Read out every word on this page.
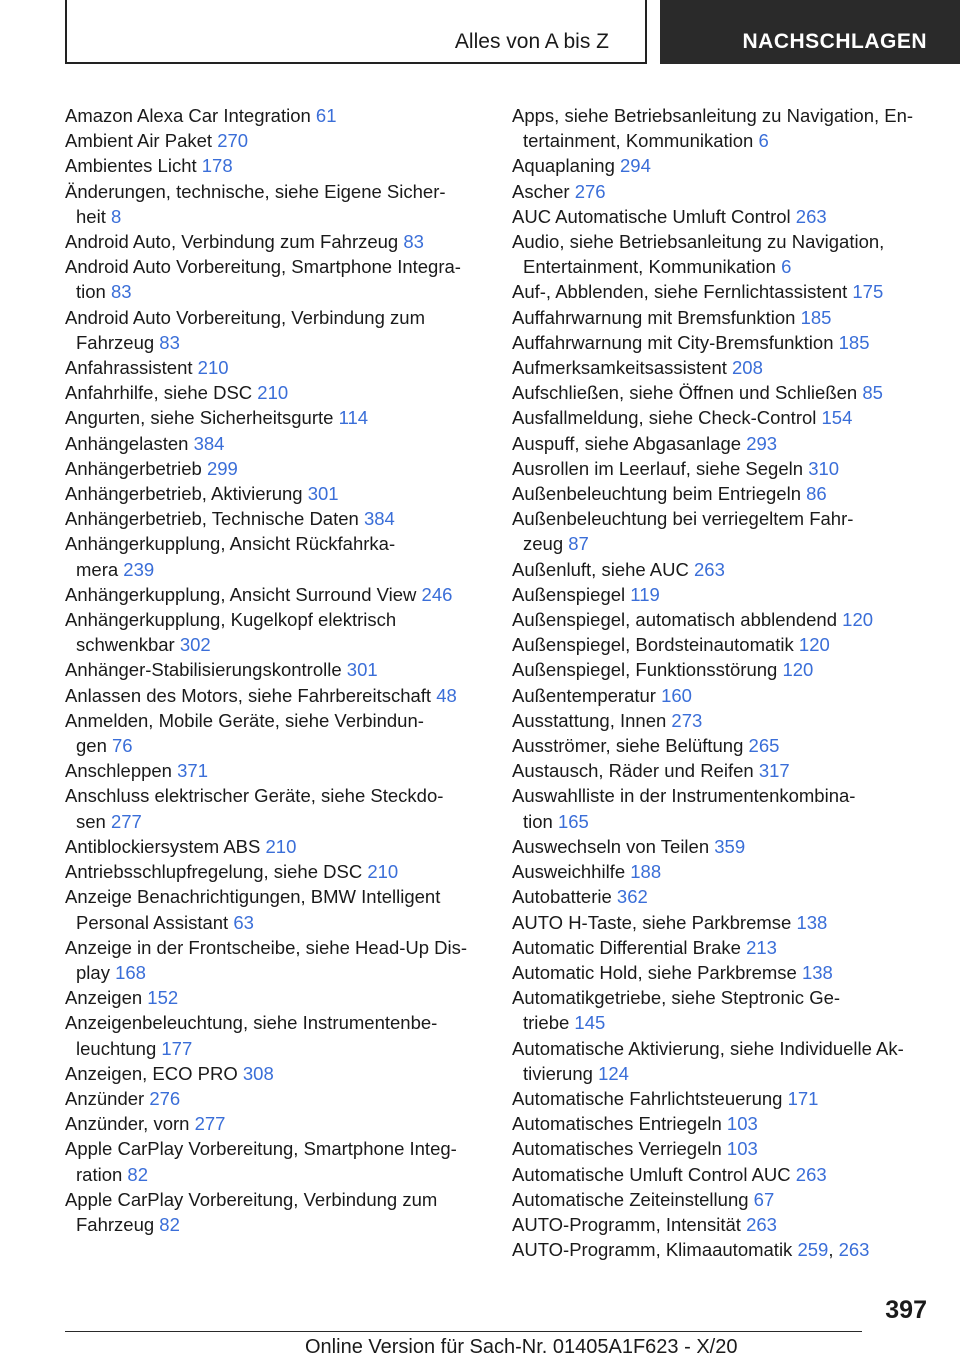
Alles von A bis Z	NACHSCHLAGEN
Amazon Alexa Car Integration 61
Ambient Air Paket 270
Ambientes Licht 178
Änderungen, technische, siehe Eigene Sicher-
heit 8
Android Auto, Verbindung zum Fahrzeug 83
Android Auto Vorbereitung, Smartphone Integra-
tion 83
Android Auto Vorbereitung, Verbindung zum
Fahrzeug 83
Anfahrassistent 210
Anfahrhilfe, siehe DSC 210
Angurten, siehe Sicherheitsgurte 114
Anhängelasten 384
Anhängerbetrieb 299
Anhängerbetrieb, Aktivierung 301
Anhängerbetrieb, Technische Daten 384
Anhängerkupplung, Ansicht Rückfahrka-
mera 239
Anhängerkupplung, Ansicht Surround View 246
Anhängerkupplung, Kugelkopf elektrisch
schwenkbar 302
Anhänger-Stabilisierungskontrolle 301
Anlassen des Motors, siehe Fahrbereitschaft 48
Anmelden, Mobile Geräte, siehe Verbindun-
gen 76
Anschleppen 371
Anschluss elektrischer Geräte, siehe Steckdo-
sen 277
Antiblockiersystem ABS 210
Antriebsschlupfregelung, siehe DSC 210
Anzeige Benachrichtigungen, BMW Intelligent
Personal Assistant 63
Anzeige in der Frontscheibe, siehe Head-Up Dis-
play 168
Anzeigen 152
Anzeigenbeleuchtung, siehe Instrumentenbe-
leuchtung 177
Anzeigen, ECO PRO 308
Anzünder 276
Anzünder, vorn 277
Apple CarPlay Vorbereitung, Smartphone Integ-
ration 82
Apple CarPlay Vorbereitung, Verbindung zum
Fahrzeug 82
Apps, siehe Betriebsanleitung zu Navigation, En-
tertainment, Kommunikation 6
Aquaplaning 294
Ascher 276
AUC Automatische Umluft Control 263
Audio, siehe Betriebsanleitung zu Navigation,
Entertainment, Kommunikation 6
Auf-, Abblenden, siehe Fernlichtassistent 175
Auffahrwarnung mit Bremsfunktion 185
Auffahrwarnung mit City-Bremsfunktion 185
Aufmerksamkeitsassistent 208
Aufschließen, siehe Öffnen und Schließen 85
Ausfallmeldung, siehe Check-Control 154
Auspuff, siehe Abgasanlage 293
Ausrollen im Leerlauf, siehe Segeln 310
Außenbeleuchtung beim Entriegeln 86
Außenbeleuchtung bei verriegeltem Fahr-
zeug 87
Außenluft, siehe AUC 263
Außenspiegel 119
Außenspiegel, automatisch abblendend 120
Außenspiegel, Bordsteinautomatik 120
Außenspiegel, Funktionsstörung 120
Außentemperatur 160
Ausstattung, Innen 273
Ausströmer, siehe Belüftung 265
Austausch, Räder und Reifen 317
Auswahlliste in der Instrumentenkombina-
tion 165
Auswechseln von Teilen 359
Ausweichhilfe 188
Autobatterie 362
AUTO H-Taste, siehe Parkbremse 138
Automatic Differential Brake 213
Automatic Hold, siehe Parkbremse 138
Automatikgetriebe, siehe Steptronic Ge-
triebe 145
Automatische Aktivierung, siehe Individuelle Ak-
tivierung 124
Automatische Fahrlichtsteuerung 171
Automatisches Entriegeln 103
Automatisches Verriegeln 103
Automatische Umluft Control AUC 263
Automatische Zeiteinstellung 67
AUTO-Programm, Intensität 263
AUTO-Programm, Klimaautomatik 259, 263
397
Online Version für Sach-Nr. 01405A1F623 - X/20
